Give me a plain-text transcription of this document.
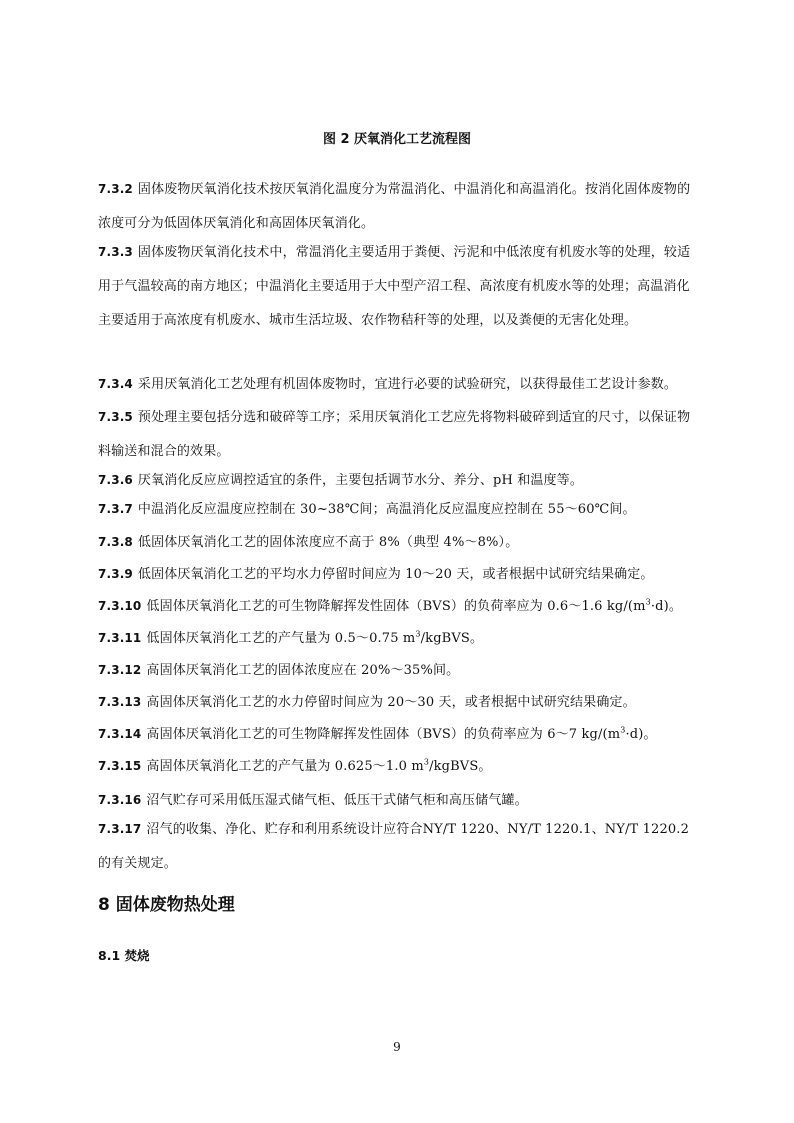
图 2 厌氧消化工艺流程图
7.3.2 固体废物厌氧消化技术按厌氧消化温度分为常温消化、中温消化和高温消化。按消化固体废物的浓度可分为低固体厌氧消化和高固体厌氧消化。
7.3.3 固体废物厌氧消化技术中，常温消化主要适用于粪便、污泥和中低浓度有机废水等的处理，较适用于气温较高的南方地区；中温消化主要适用于大中型产沼工程、高浓度有机废水等的处理；高温消化主要适用于高浓度有机废水、城市生活垃圾、农作物秸秆等的处理，以及粪便的无害化处理。
7.3.4 采用厌氧消化工艺处理有机固体废物时，宜进行必要的试验研究，以获得最佳工艺设计参数。
7.3.5 预处理主要包括分选和破碎等工序；采用厌氧消化工艺应先将物料破碎到适宜的尺寸，以保证物料输送和混合的效果。
7.3.6 厌氧消化反应应调控适宜的条件，主要包括调节水分、养分、pH 和温度等。
7.3.7 中温消化反应温度应控制在 30~38℃间；高温消化反应温度应控制在 55～60℃间。
7.3.8 低固体厌氧消化工艺的固体浓度应不高于 8%（典型 4%～8%）。
7.3.9 低固体厌氧消化工艺的平均水力停留时间应为 10～20 天，或者根据中试研究结果确定。
7.3.10 低固体厌氧消化工艺的可生物降解挥发性固体（BVS）的负荷率应为 0.6～1.6 $kg/(m^3\cdot d)$。
7.3.11 低固体厌氧消化工艺的产气量为 0.5～0.75 $m^3$/kgBVS。
7.3.12 高固体厌氧消化工艺的固体浓度应在 20%～35%间。
7.3.13 高固体厌氧消化工艺的水力停留时间应为 20～30 天，或者根据中试研究结果确定。
7.3.14 高固体厌氧消化工艺的可生物降解挥发性固体（BVS）的负荷率应为 6～7 $kg/(m^3\cdot d)$。
7.3.15 高固体厌氧消化工艺的产气量为 0.625～1.0 $m^3$/kgBVS。
7.3.16 沼气贮存可采用低压湿式储气柜、低压干式储气柜和高压储气罐。
7.3.17 沼气的收集、净化、贮存和利用系统设计应符合NY/T 1220、NY/T 1220.1、NY/T 1220.2的有关规定。
8 固体废物热处理
8.1 焚烧
9
